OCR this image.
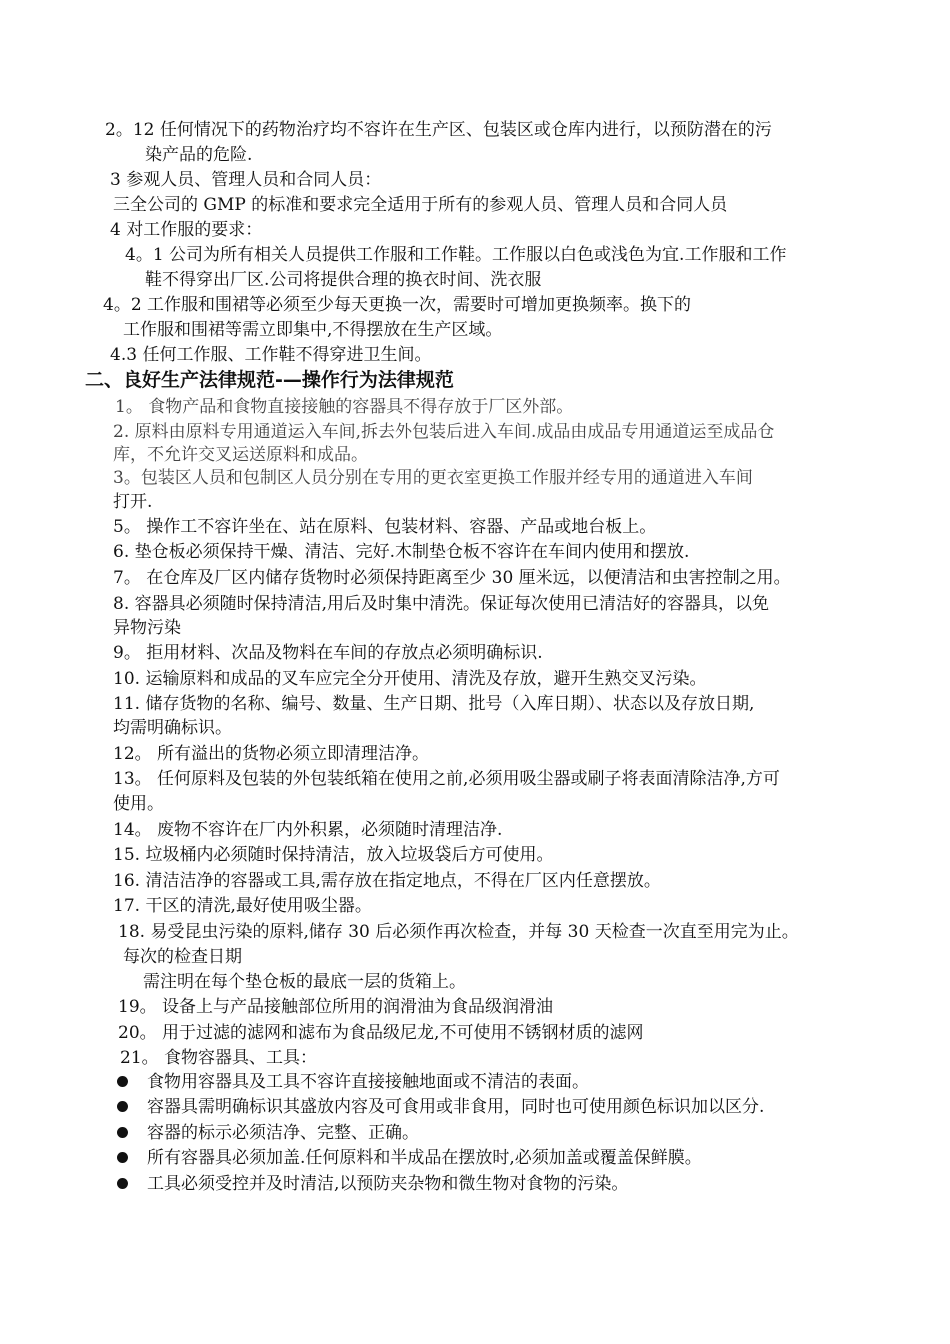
2。12 任何情况下的药物治疗均不容许在生产区、包装区或仓库内进行，以预防潜在的污
染产品的危险.
3 参观人员、管理人员和合同人员：
三全公司的 GMP 的标准和要求完全适用于所有的参观人员、管理人员和合同人员
4 对工作服的要求：
4。1 公司为所有相关人员提供工作服和工作鞋。工作服以白色或浅色为宜.工作服和工作
鞋不得穿出厂区.公司将提供合理的换衣时间、洗衣服
4。2 工作服和围裙等必须至少每天更换一次，需要时可增加更换频率。换下的
工作服和围裙等需立即集中,不得摆放在生产区域。
4.3 任何工作服、工作鞋不得穿进卫生间。
二、良好生产法律规范-—操作行为法律规范
1。 食物产品和食物直接接触的容器具不得存放于厂区外部。
2. 原料由原料专用通道运入车间,拆去外包装后进入车间.成品由成品专用通道运至成品仓
库，不允许交叉运送原料和成品。
3。包装区人员和包制区人员分别在专用的更衣室更换工作服并经专用的通道进入车间
打开.
5。 操作工不容许坐在、站在原料、包装材料、容器、产品或地台板上。
6. 垫仓板必须保持干燥、清洁、完好.木制垫仓板不容许在车间内使用和摆放.
7。 在仓库及厂区内储存货物时必须保持距离至少 30 厘米远，以便清洁和虫害控制之用。
8. 容器具必须随时保持清洁,用后及时集中清洗。保证每次使用已清洁好的容器具，以免
异物污染
9。 拒用材料、次品及物料在车间的存放点必须明确标识.
10. 运输原料和成品的叉车应完全分开使用、清洗及存放，避开生熟交叉污染。
11. 储存货物的名称、编号、数量、生产日期、批号（入库日期）、状态以及存放日期,
均需明确标识。
12。 所有溢出的货物必须立即清理洁净。
13。 任何原料及包装的外包装纸箱在使用之前,必须用吸尘器或刷子将表面清除洁净,方可
使用。
14。 废物不容许在厂内外积累，必须随时清理洁净.
15. 垃圾桶内必须随时保持清洁，放入垃圾袋后方可使用。
16. 清洁洁净的容器或工具,需存放在指定地点，不得在厂区内任意摆放。
17. 干区的清洗,最好使用吸尘器。
18. 易受昆虫污染的原料,储存 30 后必须作再次检查，并每 30 天检查一次直至用完为止。
每次的检查日期
需注明在每个垫仓板的最底一层的货箱上。
19。 设备上与产品接触部位所用的润滑油为食品级润滑油
20。 用于过滤的滤网和滤布为食品级尼龙,不可使用不锈钢材质的滤网
21。 食物容器具、工具：
食物用容器具及工具不容许直接接触地面或不清洁的表面。
容器具需明确标识其盛放内容及可食用或非食用，同时也可使用颜色标识加以区分.
容器的标示必须洁净、完整、正确。
所有容器具必须加盖.任何原料和半成品在摆放时,必须加盖或覆盖保鲜膜。
工具必须受控并及时清洁,以预防夹杂物和微生物对食物的污染。
